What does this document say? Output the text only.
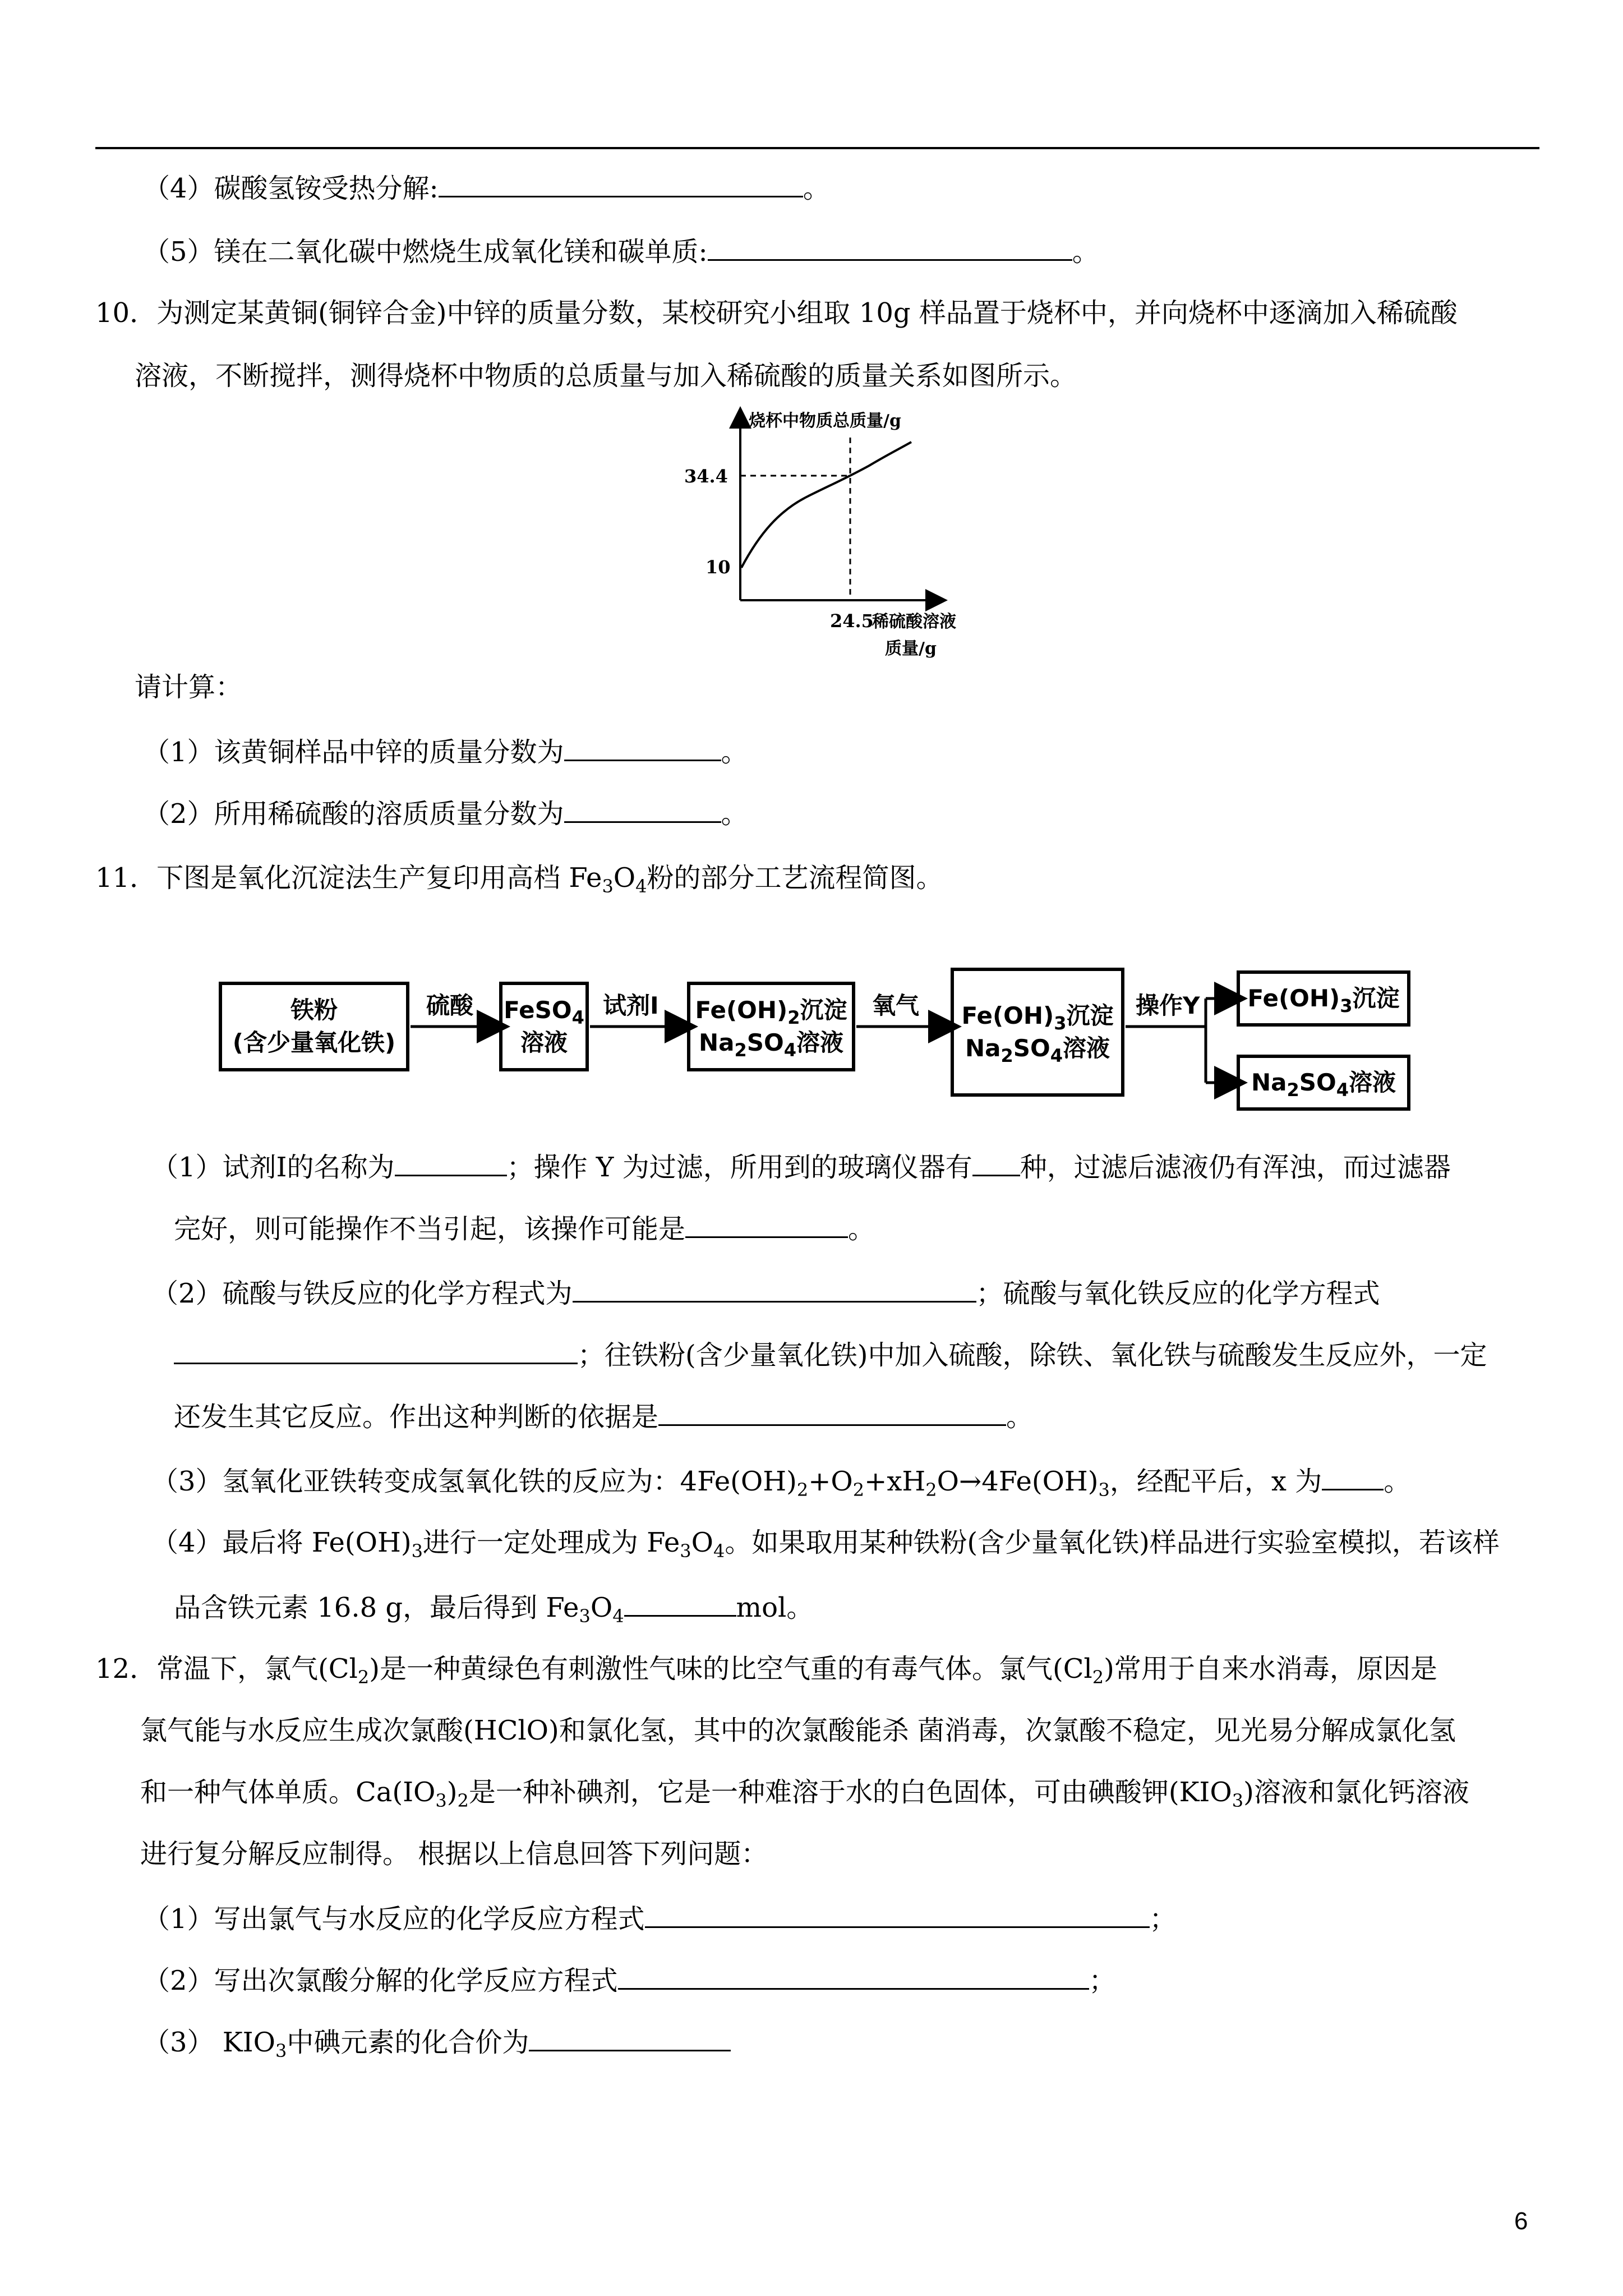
（4）碳酸氢铵受热分解:	。
（5）镁在二氧化碳中燃烧生成氧化镁和碳单质:	。
10．为测定某黄铜(铜锌合金)中锌的质量分数，某校研究小组取 10g 样品置于烧杯中，并向烧杯中逐滴加入稀硫酸
溶液，不断搅拌，测得烧杯中物质的总质量与加入稀硫酸的质量关系如图所示。
烧杯中物质总质量/g
34.4
10
24.5
稀硫酸溶液
质量/g
请计算：
（1）该黄铜样品中锌的质量分数为	。
（2）所用稀硫酸的溶质质量分数为	。
11．下图是氧化沉淀法生产复印用高档 $Fe_3O_4$粉的部分工艺流程简图。
铁粉
(含少量氧化铁)
硫酸 FeSO$_4$
溶液
试剂Ⅰ $Fe(OH)_2$沉淀
$Na_2SO_4$溶液
氧气	$Fe(OH)_3$沉淀
$Na_2SO_4$溶液
操作Y	$Fe(OH)_3$沉淀
$Na_2SO_4$溶液
（1）试剂Ⅰ的名称为	；操作 Y 为过滤，所用到的玻璃仪器有 种，过滤后滤液仍有浑浊，而过滤器
完好，则可能操作不当引起，该操作可能是	。
（2）硫酸与铁反应的化学方程式为	；硫酸与氧化铁反应的化学方程式
；往铁粉(含少量氧化铁)中加入硫酸，除铁、氧化铁与硫酸发生反应外，一定
还发生其它反应。作出这种判断的依据是	。
（3）氢氧化亚铁转变成氢氧化铁的反应为：$4Fe(OH)_2+O_2+xH_2O\to 4Fe(OH)_3$，经配平后，x 为 。
（4）最后将 $Fe(OH)_3$进行一定处理成为 $Fe_3O_4$。如果取用某种铁粉(含少量氧化铁)样品进行实验室模拟，若该样
品含铁元素 16.8 g，最后得到 $Fe_3O_4$	mol。
12．常温下，氯气$(Cl_2)$是一种黄绿色有刺激性气味的比空气重的有毒气体。氯气$(Cl_2)$常用于自来水消毒，原因是
氯气能与水反应生成次氯酸(HClO)和氯化氢，其中的次氯酸能杀 菌消毒，次氯酸不稳定，见光易分解成氯化氢
和一种气体单质。$Ca(IO_3)_2$是一种补碘剂，它是一种难溶于水的白色固体，可由碘酸钾$(KIO_3)$溶液和氯化钙溶液
进行复分解反应制得。 根据以上信息回答下列问题：
（1）写出氯气与水反应的化学反应方程式	；
（2）写出次氯酸分解的化学反应方程式	；
（3） $KIO_3$中碘元素的化合价为
6
